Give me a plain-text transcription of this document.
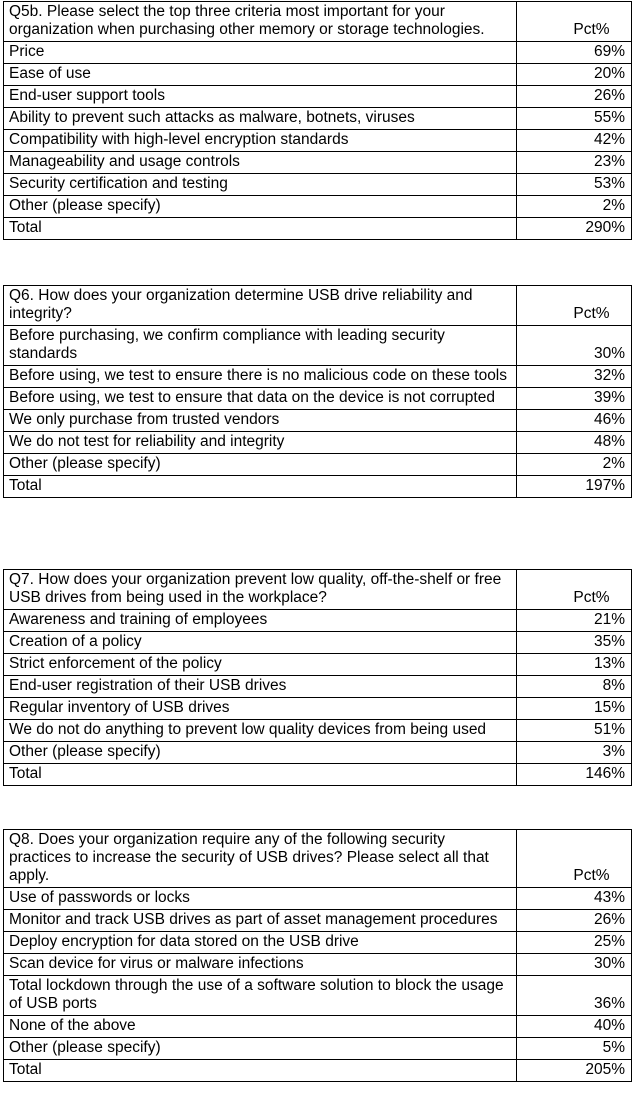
Q5b. Please select the top three criteria most important for your organization when purchasing other memory or storage technologies.	Pct%
Price	69%
Ease of use	20%
End-user support tools	26%
Ability to prevent such attacks as malware, botnets, viruses	55%
Compatibility with high-level encryption standards	42%
Manageability and usage controls	23%
Security certification and testing	53%
Other (please specify)	2%
Total	290%
Q6. How does your organization determine USB drive reliability and integrity?	Pct%
Before purchasing, we confirm compliance with leading security standards	30%
Before using, we test to ensure there is no malicious code on these tools	32%
Before using, we test to ensure that data on the device is not corrupted	39%
We only purchase from trusted vendors	46%
We do not test for reliability and integrity	48%
Other (please specify)	2%
Total	197%
Q7. How does your organization prevent low quality, off-the-shelf or free USB drives from being used in the workplace?	Pct%
Awareness and training of employees	21%
Creation of a policy	35%
Strict enforcement of the policy	13%
End-user registration of their USB drives	8%
Regular inventory of USB drives	15%
We do not do anything to prevent low quality devices from being used	51%
Other (please specify)	3%
Total	146%
Q8. Does your organization require any of the following security practices to increase the security of USB drives? Please select all that apply.	Pct%
Use of passwords or locks	43%
Monitor and track USB drives as part of asset management procedures	26%
Deploy encryption for data stored on the USB drive	25%
Scan device for virus or malware infections	30%
Total lockdown through the use of a software solution to block the usage of USB ports	36%
None of the above	40%
Other (please specify)	5%
Total	205%
